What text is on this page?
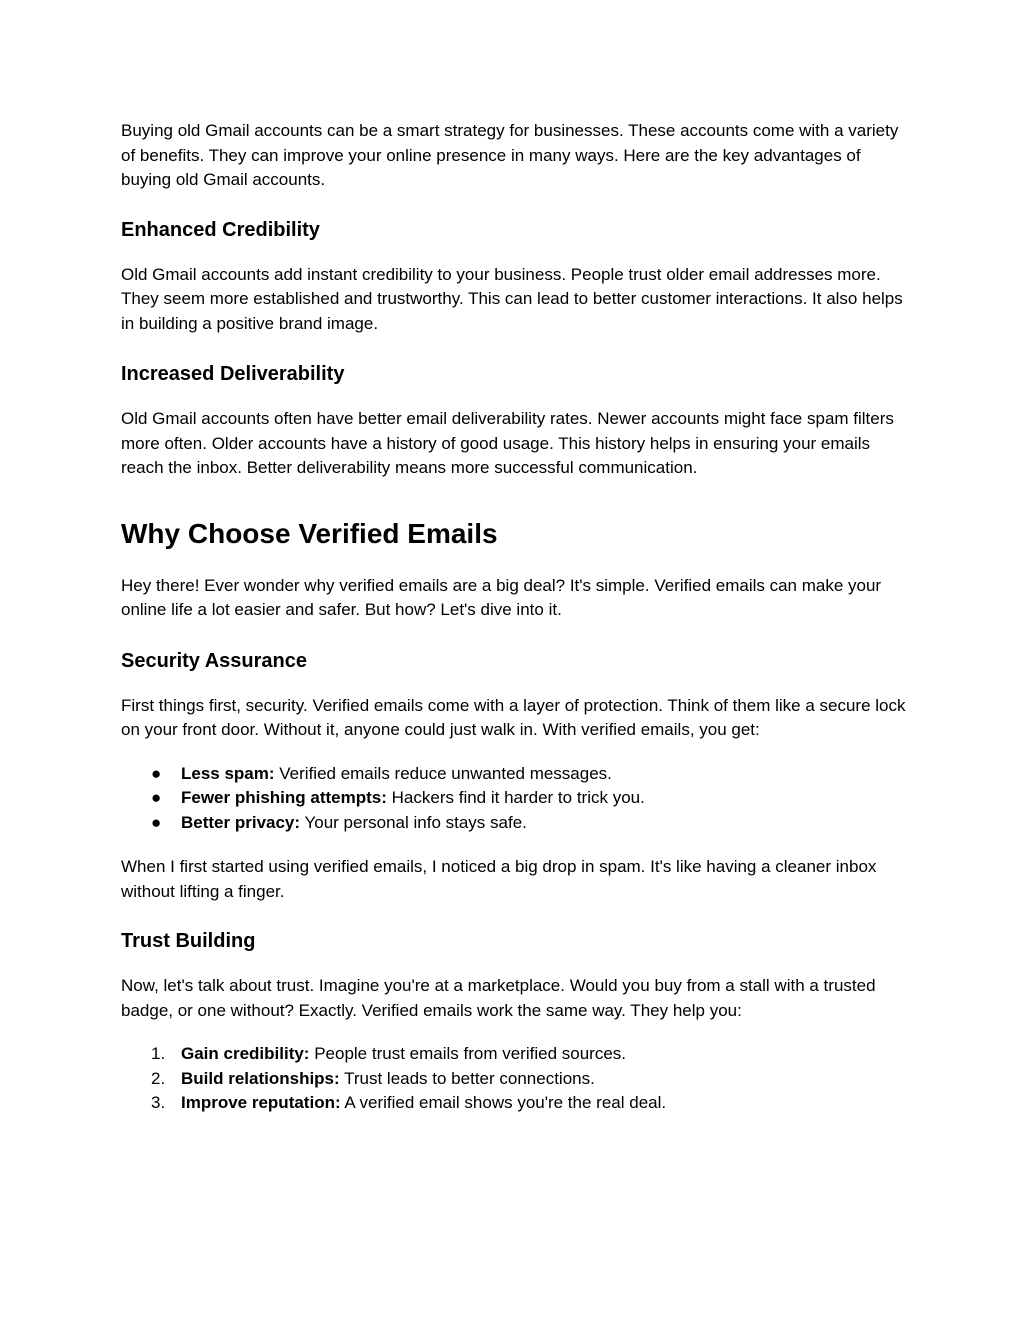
Buying old Gmail accounts can be a smart strategy for businesses. These accounts come with a variety of benefits. They can improve your online presence in many ways. Here are the key advantages of buying old Gmail accounts.

Enhanced Credibility

Old Gmail accounts add instant credibility to your business. People trust older email addresses more. They seem more established and trustworthy. This can lead to better customer interactions. It also helps in building a positive brand image.

Increased Deliverability

Old Gmail accounts often have better email deliverability rates. Newer accounts might face spam filters more often. Older accounts have a history of good usage. This history helps in ensuring your emails reach the inbox. Better deliverability means more successful communication.

Why Choose Verified Emails

Hey there! Ever wonder why verified emails are a big deal? It's simple. Verified emails can make your online life a lot easier and safer. But how? Let's dive into it.

Security Assurance

First things first, security. Verified emails come with a layer of protection. Think of them like a secure lock on your front door. Without it, anyone could just walk in. With verified emails, you get:

● Less spam: Verified emails reduce unwanted messages.
● Fewer phishing attempts: Hackers find it harder to trick you.
● Better privacy: Your personal info stays safe.

When I first started using verified emails, I noticed a big drop in spam. It's like having a cleaner inbox without lifting a finger.

Trust Building

Now, let's talk about trust. Imagine you're at a marketplace. Would you buy from a stall with a trusted badge, or one without? Exactly. Verified emails work the same way. They help you:

1. Gain credibility: People trust emails from verified sources.
2. Build relationships: Trust leads to better connections.
3. Improve reputation: A verified email shows you're the real deal.
